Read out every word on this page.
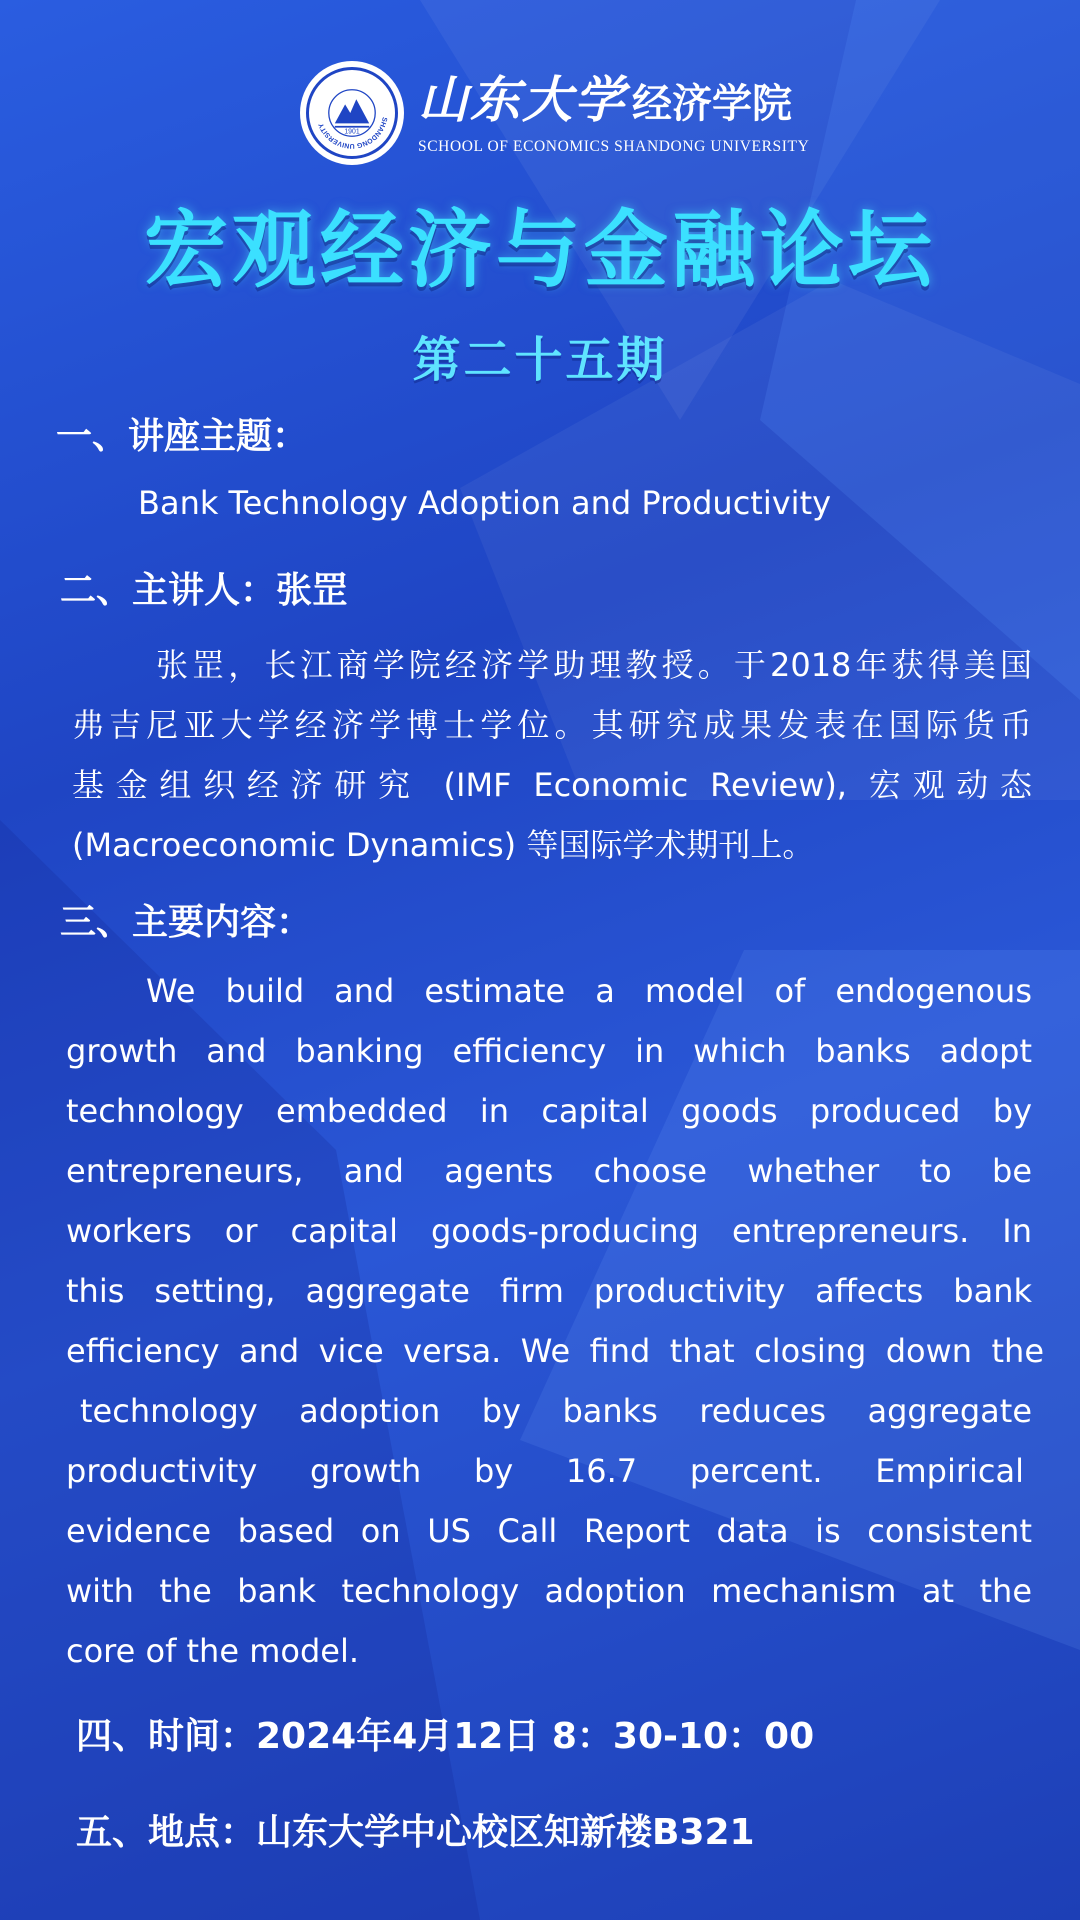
1901
SHANDONG UNIVERSITY	山东大学 经济学院
SCHOOL OF ECONOMICS SHANDONG UNIVERSITY
宏观经济与金融论坛
第二十五期
一、讲座主题：
Bank Technology Adoption and Productivity
二、主讲人：张罡
张罡，长江商学院经济学助理教授。于2018年获得美国
弗吉尼亚大学经济学博士学位。其研究成果发表在国际货币
基金组织经济研究 (IMF Economic Review), 宏观动态
(Macroeconomic Dynamics) 等国际学术期刊上。
三、主要内容：
We build and estimate a model of endogenous
growth and banking efficiency in which banks adopt
technology embedded in capital goods produced by
entrepreneurs, and agents choose whether to be
workers or capital goods-producing entrepreneurs. In
this setting, aggregate firm productivity affects bank
efficiency and vice versa. We find that closing down the
technology adoption by banks reduces aggregate
productivity growth by 16.7 percent. Empirical
evidence based on US Call Report data is consistent
with the bank technology adoption mechanism at the
core of the model.
四、时间：2024年4月12日 8：30-10：00
五、地点：山东大学中心校区知新楼B321
